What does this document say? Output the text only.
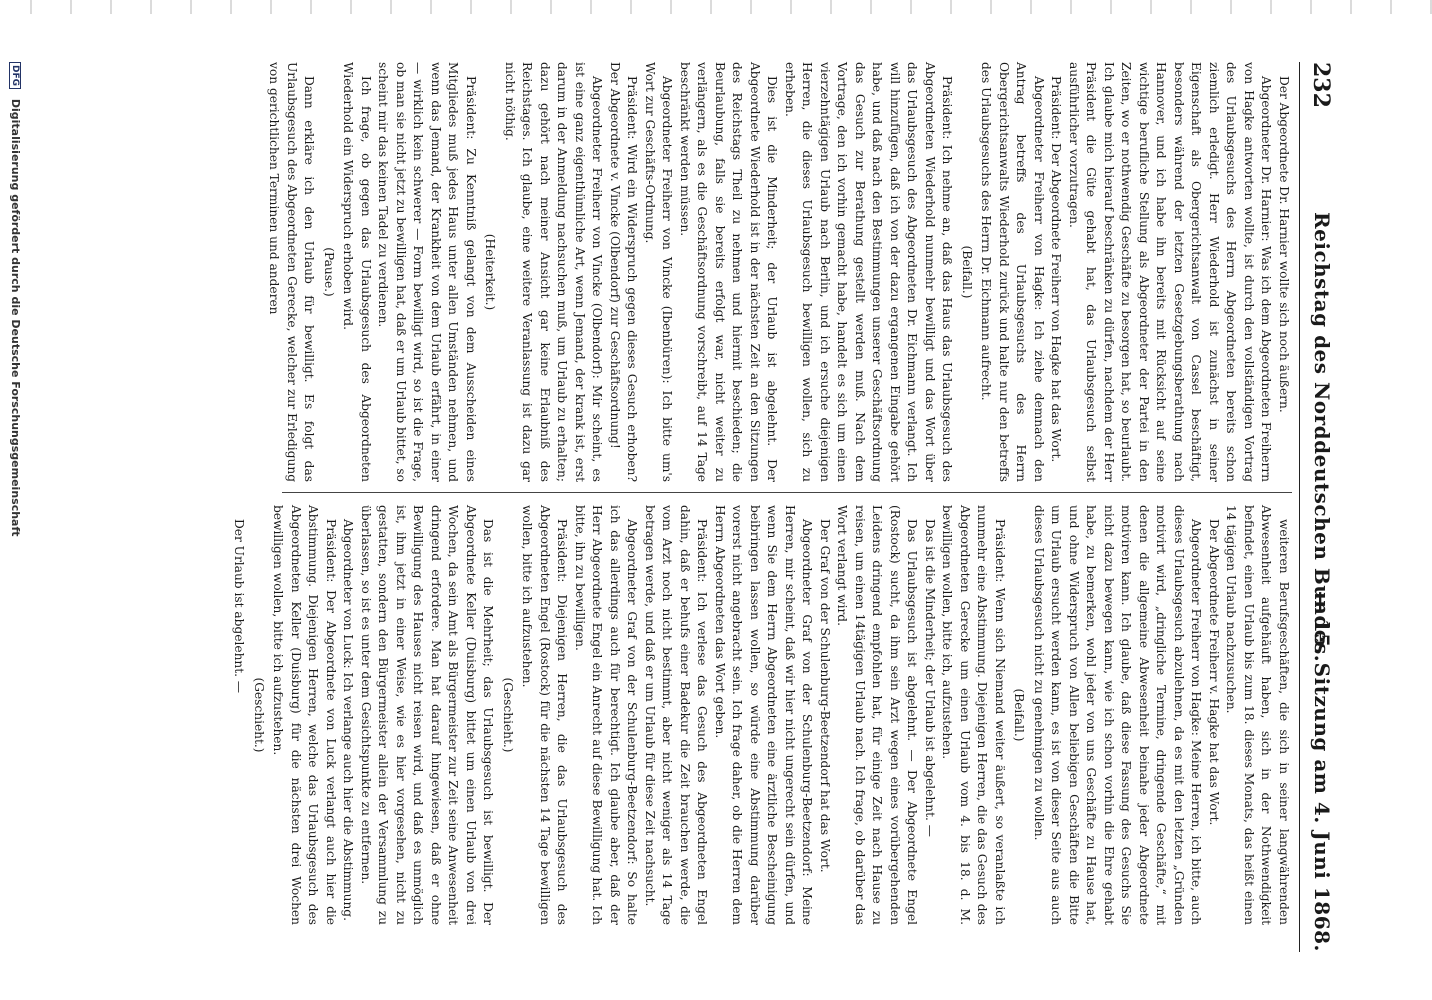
232
Reichstag des Norddeutschen Bundes.
— 15. Sitzung am 4. Juni 1868.

Der Abgeordnete Dr. Harnier wollte sich noch äußern.

Abgeordneter Dr. Harnier: Was ich dem Abgeordneten Freiherrn von Hagke antworten wollte, ist durch den vollständigen Vortrag des Urlaubsgesuchs des Herrn Abgeordneten bereits schon ziemlich erledigt. Herr Wiederhold ist zunächst in seiner Eigenschaft als Obergerichtsanwalt von Cassel beschäftigt, besonders während der letzten Gesetzgebungsberathung nach Hannover, und ich habe ihn bereits mit Rücksicht auf seine wichtige berufliche Stellung als Abgeordneter der Partei in den Zeiten, wo er nothwendig Geschäfte zu besorgen hat, so beurlaubt. Ich glaube mich hierauf beschränken zu dürfen, nachdem der Herr Präsident die Güte gehabt hat, das Urlaubsgesuch selbst ausführlicher vorzutragen.

Präsident: Der Abgeordnete Freiherr von Hagke hat das Wort.

Abgeordneter Freiherr von Hagke: Ich ziehe demnach den Antrag betreffs des Urlaubsgesuchs des Herrn Obergerichtsanwalts Wiederhold zurück und halte nur den betreffs des Urlaubsgesuchs des Herrn Dr. Eichmann aufrecht.

(Beifall.)

Präsident: Ich nehme an, daß das Haus das Urlaubsgesuch des Abgeordneten Wiederhold nunmehr bewilligt und das Wort über das Urlaubsgesuch des Abgeordneten Dr. Eichmann verlangt. Ich will hinzufügen, daß ich von der dazu ergangenen Eingabe gehört habe, und daß nach den Bestimmungen unserer Geschäftsordnung das Gesuch zur Berathung gestellt werden muß. Nach dem Vortrage, den ich vorhin gemacht habe, handelt es sich um einen vierzehntägigen Urlaub nach Berlin, und ich ersuche diejenigen Herren, die dieses Urlaubsgesuch bewilligen wollen, sich zu erheben.

Dies ist die Minderheit; der Urlaub ist abgelehnt. Der Abgeordnete Wiederhold ist in der nächsten Zeit an den Sitzungen des Reichstags Theil zu nehmen und hiermit beschieden; die Beurlaubung, falls sie bereits erfolgt war, nicht weiter zu verlängern, als es die Geschäftsordnung vorschreibt, auf 14 Tage beschränkt werden müssen.

Abgeordneter Freiherr von Vincke (Ibenbüren): Ich bitte um's Wort zur Geschäfts-Ordnung.

Präsident: Wird ein Widerspruch gegen dieses Gesuch erhoben? Der Abgeordnete v. Vincke (Olbendorf) zur Geschäftsordnung!

Abgeordneter Freiherr von Vincke (Olbendorf): Mir scheint, es ist eine ganz eigenthümliche Art, wenn Jemand, der krank ist, erst darum in der Anmeldung nachsuchen muß, um Urlaub zu erhalten; dazu gehört nach meiner Ansicht gar keine Erlaubniß des Reichstages. Ich glaube, eine weitere Veranlassung ist dazu gar nicht nöthig.

(Heiterkeit.)

Präsident: Zu Kenntniß gelangt von dem Ausscheiden eines Mitgliedes muß jedes Haus unter allen Umständen nehmen, und wenn das Jemand, der Krankheit von dem Urlaub erfährt, in einer — wirklich kein schwerer — Form bewilligt wird, so ist die Frage, ob man sie nicht jetzt zu bewilligen hat, daß er um Urlaub bittet, so scheint mir das keinen Tadel zu verdienen.

Ich frage, ob gegen das Urlaubsgesuch des Abgeordneten Wiederhold ein Widerspruch erhoben wird.

(Pause.)

Dann erkläre ich den Urlaub für bewilligt. Es folgt das Urlaubsgesuch des Abgeordneten Gerecke, welcher zur Erledigung von gerichtlichen Terminen und anderen

weiteren Berufsgeschäften, die sich in seiner langwährenden Abwesenheit aufgehäuft haben, sich in der Nothwendigkeit befindet, einen Urlaub bis zum 18. dieses Monats, das heißt einen 14 tägigen Urlaub nachzusuchen.

Der Abgeordnete Freiherr v. Hagke hat das Wort.

Abgeordneter Freiherr von Hagke: Meine Herren, ich bitte, auch dieses Urlaubsgesuch abzulehnen, da es mit den letzten „Gründen motivirt wird, „dringliche Termine, dringende Geschäfte,“ mit denen die allgemeine Abwesenheit beinahe jeder Abgeordnete motiviren kann. Ich glaube, daß diese Fassung des Gesuchs Sie nicht dazu bewegen kann, wie ich schon vorhin die Ehre gehabt habe, zu bemerken, wohl jeder von uns Geschäfte zu Hause hat, und ohne Widerspruch von Allen beliebigen Geschäften die Bitte um Urlaub ersucht werden kann, es ist von dieser Seite aus auch dieses Urlaubsgesuch nicht zu genehmigen zu wollen.

(Beifall.)

Präsident: Wenn sich Niemand weiter äußert, so veranlaßte ich nunmehr eine Abstimmung. Diejenigen Herren, die das Gesuch des Abgeordneten Gerecke um einen Urlaub vom 4. bis 18. d. M. bewilligen wollen, bitte ich, aufzustehen.

Das ist die Minderheit; der Urlaub ist abgelehnt. —

Das Urlaubsgesuch ist abgelehnt. — Der Abgeordnete Engel (Rostock) sucht, da ihm sein Arzt wegen eines vorübergehenden Leidens dringend empfohlen hat, für einige Zeit nach Hause zu reisen, um einen 14tägigen Urlaub nach. Ich frage, ob darüber das Wort verlangt wird.

Der Graf von der Schulenburg-Beetzendorf hat das Wort.

Abgeordneter Graf von der Schulenburg-Beetzendorf: Meine Herren, mir scheint, daß wir hier nicht ungerecht sein dürfen, und wenn Sie dem Herrn Abgeordneten eine ärztliche Bescheinigung beibringen lassen wollen, so würde eine Abstimmung darüber vorerst nicht angebracht sein. Ich frage daher, ob die Herren dem Herrn Abgeordneten das Wort geben.

Präsident: Ich verlese das Gesuch des Abgeordneten Engel dahin, daß er behufs einer Badekur die Zeit brauchen werde, die vom Arzt noch nicht bestimmt, aber nicht weniger als 14 Tage betragen werde, und daß er um Urlaub für diese Zeit nachsucht.

Abgeordneter Graf von der Schulenburg-Beetzendorf: So halte ich das allerdings auch für berechtigt. Ich glaube aber, daß der Herr Abgeordnete Engel ein Anrecht auf diese Bewilligung hat. Ich bitte, ihn zu bewilligen.

Präsident: Diejenigen Herren, die das Urlaubsgesuch des Abgeordneten Engel (Rostock) für die nächsten 14 Tage bewilligen wollen, bitte ich aufzustehen.

(Geschieht.)

Das ist die Mehrheit; das Urlaubsgesuch ist bewilligt. Der Abgeordnete Keller (Duisburg) bittet um einen Urlaub von drei Wochen, da sein Amt als Bürgermeister zur Zeit seine Anwesenheit dringend erfordere. Man hat darauf hingewiesen, daß er ohne Bewilligung des Hauses nicht reisen wird, und daß es unmöglich ist, ihm jetzt in einer Weise, wie es hier vorgesehen, nicht zu gestatten, sondern den Bürgermeister allein der Versammlung zu überlassen, so ist es unter dem Gesichtspunkte zu entfernen.

Abgeordneter von Luck: Ich verlange auch hier die Abstimmung.

Präsident: Der Abgeordnete von Luck verlangt auch hier die Abstimmung. Diejenigen Herren, welche das Urlaubsgesuch des Abgeordneten Keller (Duisburg) für die nächsten drei Wochen bewilligen wollen, bitte ich aufzustehen.

(Geschieht.)

Der Urlaub ist abgelehnt. —

DFG Digitalisierung gefördert durch die Deutsche Forschungsgemeinschaft
